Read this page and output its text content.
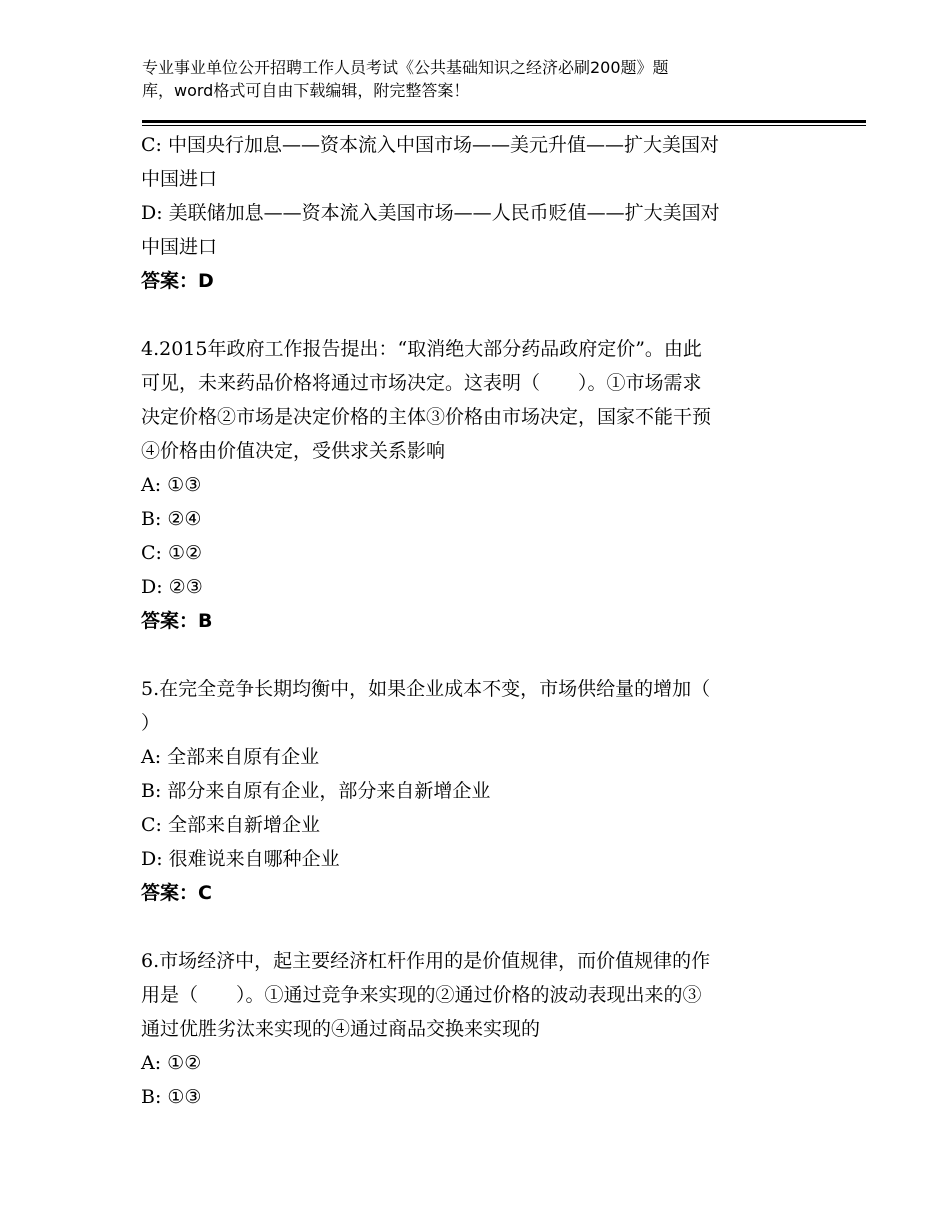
专业事业单位公开招聘工作人员考试《公共基础知识之经济必刷200题》题
库，word格式可自由下载编辑，附完整答案！
C: 中国央行加息——资本流入中国市场——美元升值——扩大美国对
中国进口
D: 美联储加息——资本流入美国市场——人民币贬值——扩大美国对
中国进口
答案：D
4.2015年政府工作报告提出：“取消绝大部分药品政府定价”。由此
可见，未来药品价格将通过市场决定。这表明（　　）。①市场需求
决定价格②市场是决定价格的主体③价格由市场决定，国家不能干预
④价格由价值决定，受供求关系影响
A: ①③
B: ②④
C: ①②
D: ②③
答案：B
5.在完全竞争长期均衡中，如果企业成本不变，市场供给量的增加（
）
A: 全部来自原有企业
B: 部分来自原有企业，部分来自新增企业
C: 全部来自新增企业
D: 很难说来自哪种企业
答案：C
6.市场经济中，起主要经济杠杆作用的是价值规律，而价值规律的作
用是（　　）。①通过竞争来实现的②通过价格的波动表现出来的③
通过优胜劣汰来实现的④通过商品交换来实现的
A: ①②
B: ①③
